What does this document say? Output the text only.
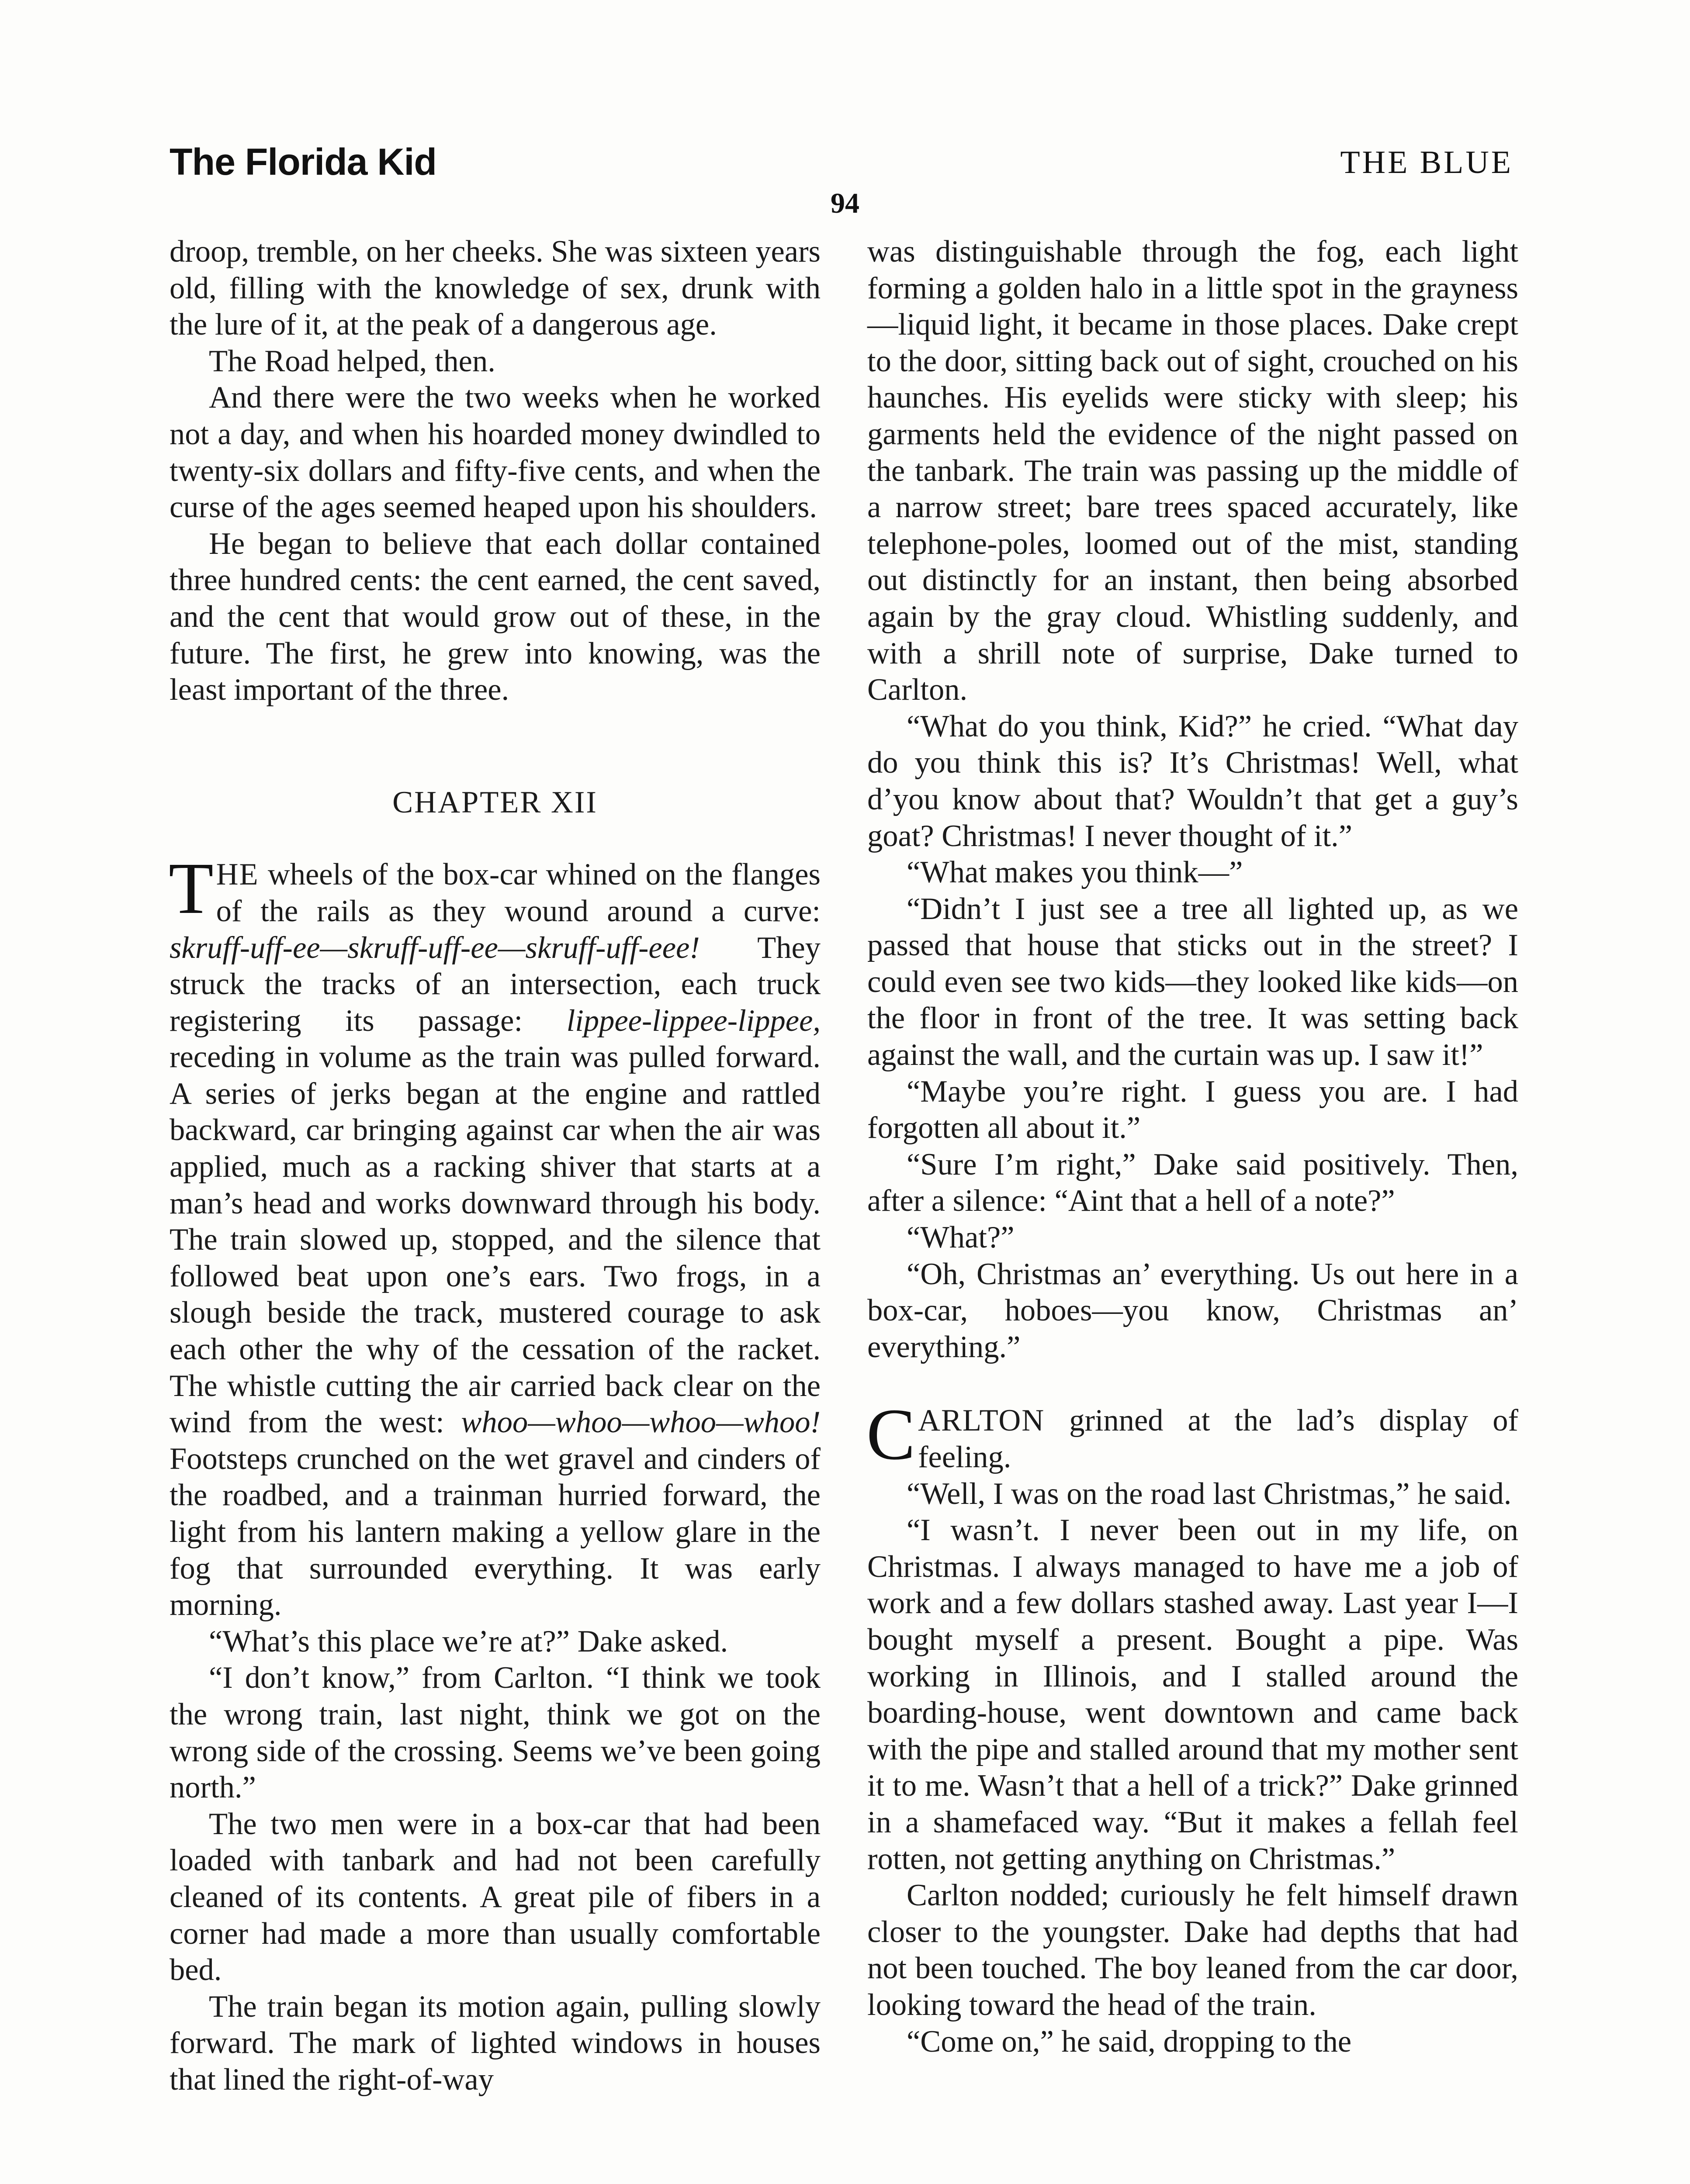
The Florida Kid	THE BLUE
94

droop, tremble, on her cheeks. She was sixteen years old, filling with the knowledge of sex, drunk with the lure of it, at the peak of a dangerous age.

The Road helped, then.

And there were the two weeks when he worked not a day, and when his hoarded money dwindled to twenty-six dollars and fifty-five cents, and when the curse of the ages seemed heaped upon his shoulders.

He began to believe that each dollar contained three hundred cents: the cent earned, the cent saved, and the cent that would grow out of these, in the future. The first, he grew into knowing, was the least important of the three.

CHAPTER XII

THE wheels of the box-car whined on the flanges of the rails as they wound around a curve: skruff-uff-ee—skruff-uff-ee—skruff-uff-eee! They struck the tracks of an intersection, each truck registering its passage: lippee-lippee-lippee, receding in volume as the train was pulled forward. A series of jerks began at the engine and rattled backward, car bringing against car when the air was applied, much as a racking shiver that starts at a man’s head and works downward through his body. The train slowed up, stopped, and the silence that followed beat upon one’s ears. Two frogs, in a slough beside the track, mustered courage to ask each other the why of the cessation of the racket. The whistle cutting the air carried back clear on the wind from the west: whoo—whoo—whoo—whoo! Footsteps crunched on the wet gravel and cinders of the roadbed, and a trainman hurried forward, the light from his lantern making a yellow glare in the fog that surrounded everything. It was early morning.

“What’s this place we’re at?” Dake asked.

“I don’t know,” from Carlton. “I think we took the wrong train, last night, think we got on the wrong side of the crossing. Seems we’ve been going north.”

The two men were in a box-car that had been loaded with tanbark and had not been carefully cleaned of its contents. A great pile of fibers in a corner had made a more than usually comfortable bed.

The train began its motion again, pulling slowly forward. The mark of lighted windows in houses that lined the right-of-way

was distinguishable through the fog, each light forming a golden halo in a little spot in the grayness—liquid light, it became in those places. Dake crept to the door, sitting back out of sight, crouched on his haunches. His eyelids were sticky with sleep; his garments held the evidence of the night passed on the tanbark. The train was passing up the middle of a narrow street; bare trees spaced accurately, like telephone-poles, loomed out of the mist, standing out distinctly for an instant, then being absorbed again by the gray cloud. Whistling suddenly, and with a shrill note of surprise, Dake turned to Carlton.

“What do you think, Kid?” he cried. “What day do you think this is? It’s Christmas! Well, what d’you know about that? Wouldn’t that get a guy’s goat? Christmas! I never thought of it.”

“What makes you think—”

“Didn’t I just see a tree all lighted up, as we passed that house that sticks out in the street? I could even see two kids—they looked like kids—on the floor in front of the tree. It was setting back against the wall, and the curtain was up. I saw it!”

“Maybe you’re right. I guess you are. I had forgotten all about it.”

“Sure I’m right,” Dake said positively. Then, after a silence: “Aint that a hell of a note?”

“What?”

“Oh, Christmas an’ everything. Us out here in a box-car, hoboes—you know, Christmas an’ everything.”

CARLTON grinned at the lad’s display of feeling.

“Well, I was on the road last Christmas,” he said.

“I wasn’t. I never been out in my life, on Christmas. I always managed to have me a job of work and a few dollars stashed away. Last year I—I bought myself a present. Bought a pipe. Was working in Illinois, and I stalled around the boarding-house, went downtown and came back with the pipe and stalled around that my mother sent it to me. Wasn’t that a hell of a trick?” Dake grinned in a shamefaced way. “But it makes a fellah feel rotten, not getting anything on Christmas.”

Carlton nodded; curiously he felt himself drawn closer to the youngster. Dake had depths that had not been touched. The boy leaned from the car door, looking toward the head of the train.

“Come on,” he said, dropping to the
